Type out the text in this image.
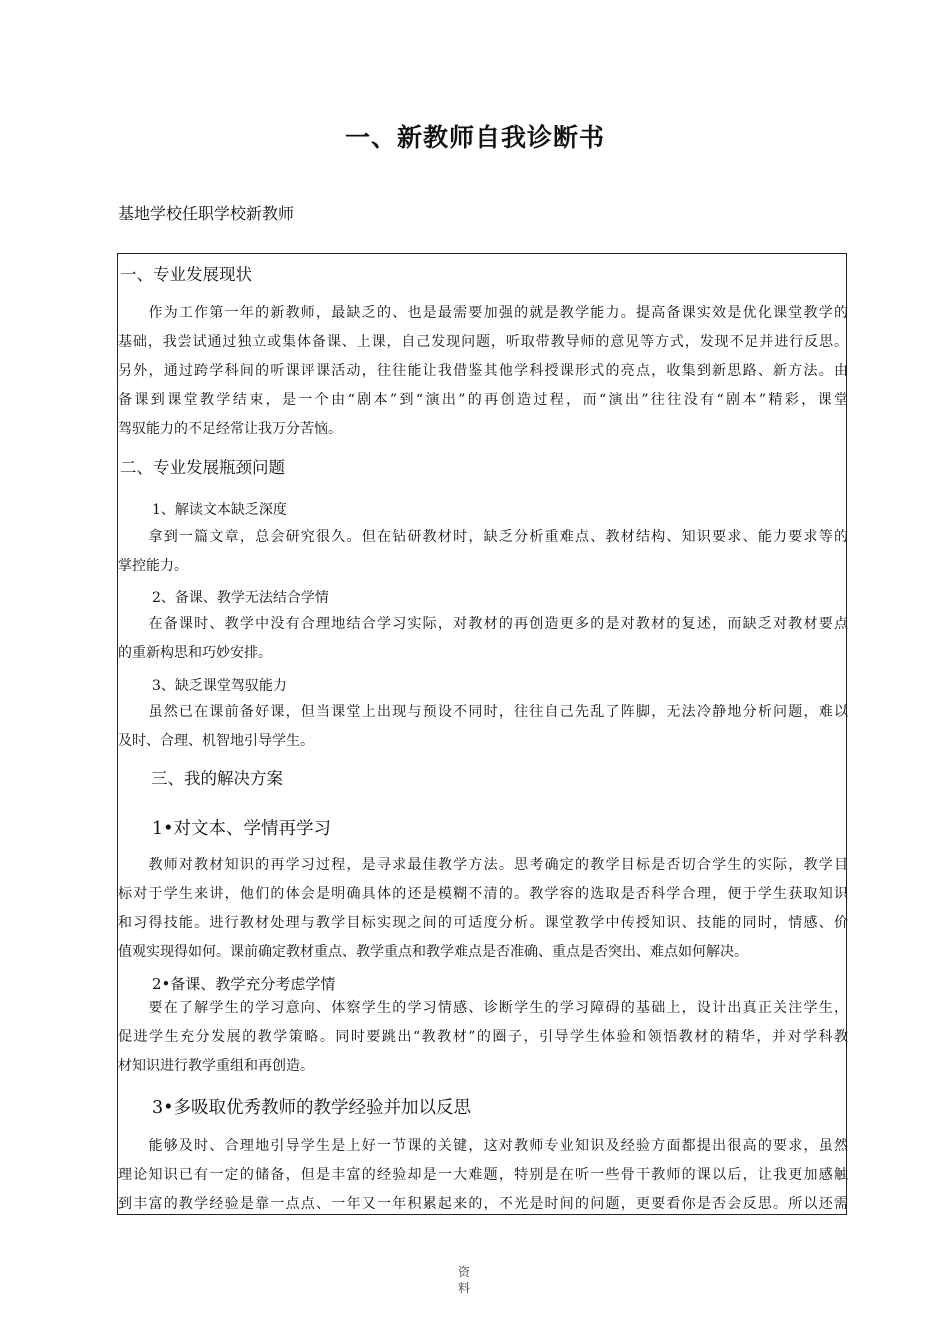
一、新教师自我诊断书
基地学校任职学校新教师
一、专业发展现状
　　作为工作第一年的新教师，最缺乏的、也是最需要加强的就是教学能力。提高备课实效是优化课堂教学的
基础，我尝试通过独立或集体备课、上课，自己发现问题，听取带教导师的意见等方式，发现不足并进行反思。
另外，通过跨学科间的听课评课活动，往往能让我借鉴其他学科授课形式的亮点，收集到新思路、新方法。由
备课到课堂教学结束，是一个由“剧本”到“演出”的再创造过程，而“演出”往往没有“剧本”精彩，课堂
驾驭能力的不足经常让我万分苦恼。
二、专业发展瓶颈问题
1、解读文本缺乏深度
　　拿到一篇文章，总会研究很久。但在钻研教材时，缺乏分析重难点、教材结构、知识要求、能力要求等的
掌控能力。
2、备课、教学无法结合学情
　　在备课时、教学中没有合理地结合学习实际，对教材的再创造更多的是对教材的复述，而缺乏对教材要点
的重新构思和巧妙安排。
3、缺乏课堂驾驭能力
　　虽然已在课前备好课，但当课堂上出现与预设不同时，往往自己先乱了阵脚，无法冷静地分析问题，难以
及时、合理、机智地引导学生。
三、我的解决方案
1•对文本、学情再学习
　　教师对教材知识的再学习过程，是寻求最佳教学方法。思考确定的教学目标是否切合学生的实际，教学目
标对于学生来讲，他们的体会是明确具体的还是模糊不清的。教学容的选取是否科学合理，便于学生获取知识
和习得技能。进行教材处理与教学目标实现之间的可适度分析。课堂教学中传授知识、技能的同时，情感、价
值观实现得如何。课前确定教材重点、教学重点和教学难点是否准确、重点是否突出、难点如何解决。
2•备课、教学充分考虑学情
　　要在了解学生的学习意向、体察学生的学习情感、诊断学生的学习障碍的基础上，设计出真正关注学生，
促进学生充分发展的教学策略。同时要跳出“教教材”的圈子，引导学生体验和领悟教材的精华，并对学科教
材知识进行教学重组和再创造。
3•多吸取优秀教师的教学经验并加以反思
　　能够及时、合理地引导学生是上好一节课的关键，这对教师专业知识及经验方面都提出很高的要求，虽然
理论知识已有一定的储备，但是丰富的经验却是一大难题，特别是在听一些骨干教师的课以后，让我更加感触
到丰富的教学经验是靠一点点、一年又一年积累起来的，不光是时间的问题，更要看你是否会反思。所以还需
资料
